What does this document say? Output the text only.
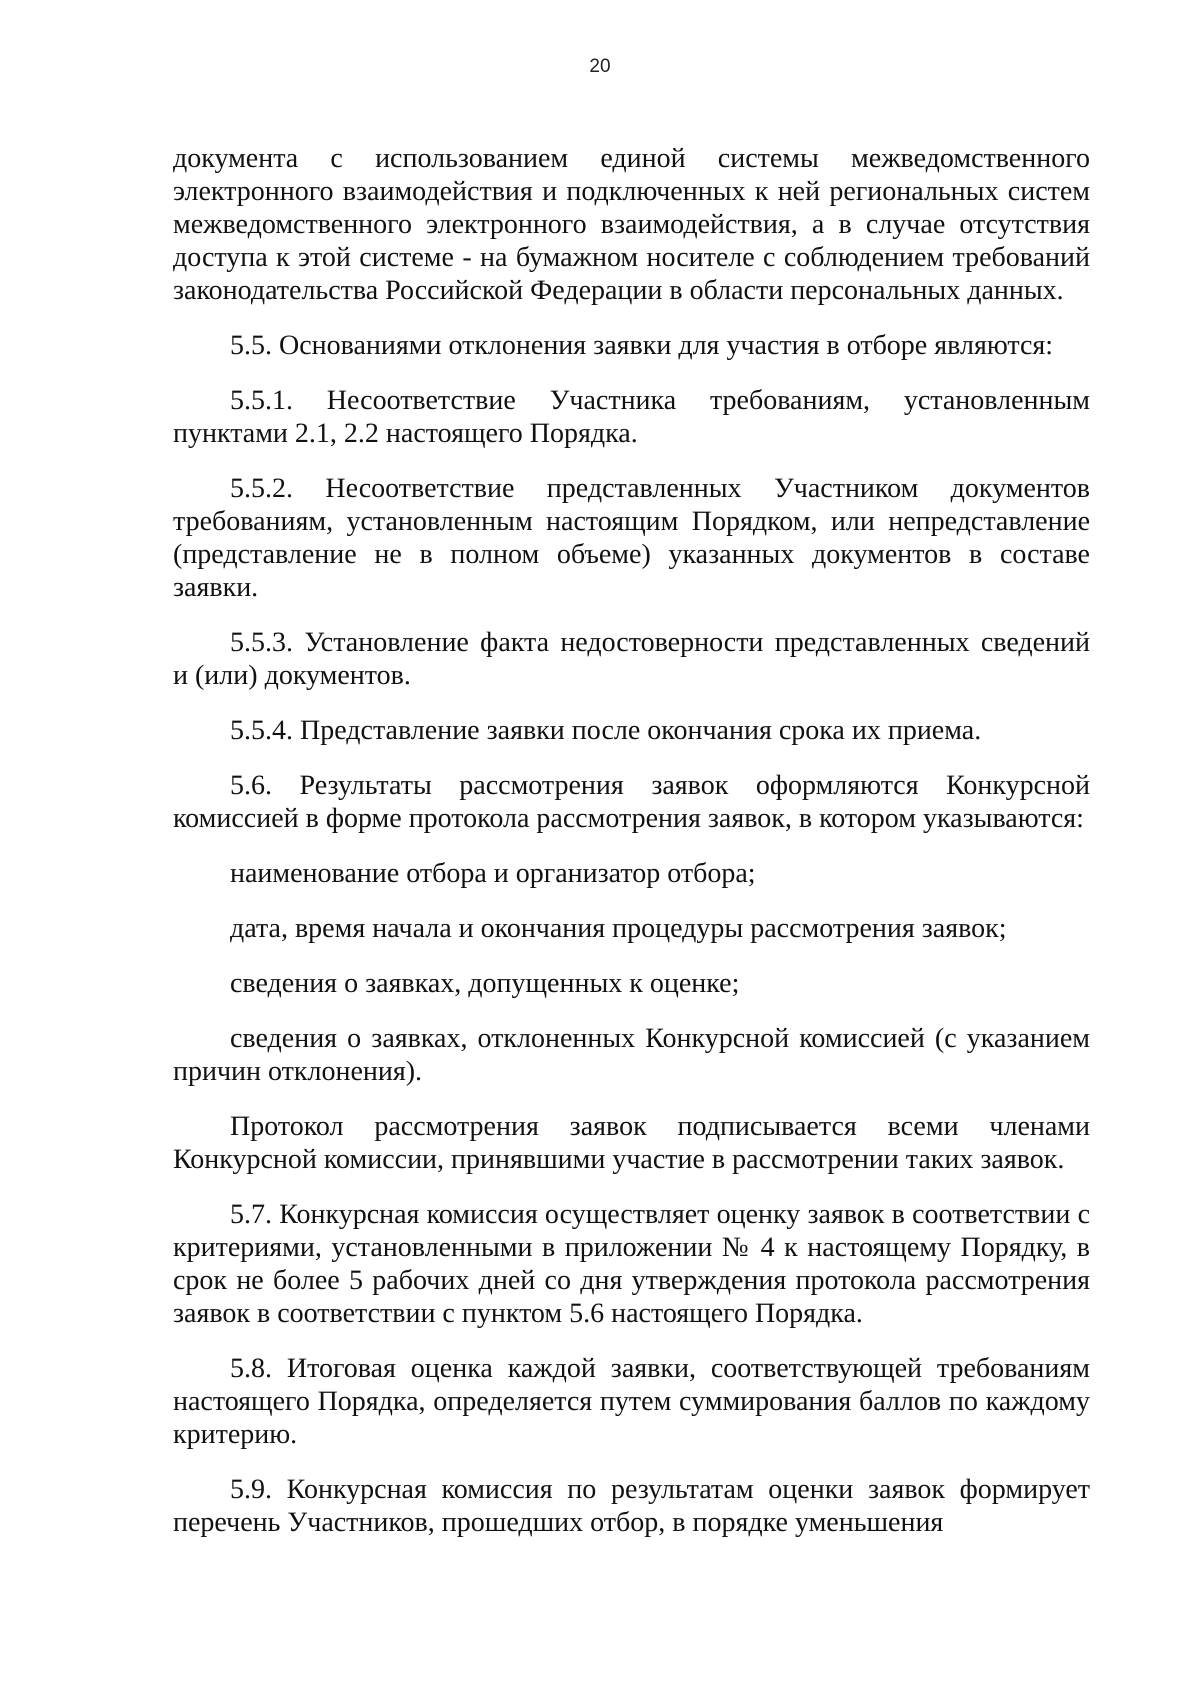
20

документа с использованием единой системы межведомственного электронного взаимодействия и подключенных к ней региональных систем межведомственного электронного взаимодействия, а в случае отсутствия доступа к этой системе - на бумажном носителе с соблюдением требований законодательства Российской Федерации в области персональных данных.

5.5. Основаниями отклонения заявки для участия в отборе являются:

5.5.1. Несоответствие Участника требованиям, установленным пунктами 2.1, 2.2 настоящего Порядка.

5.5.2. Несоответствие представленных Участником документов требованиям, установленным настоящим Порядком, или непредставление (представление не в полном объеме) указанных документов в составе заявки.

5.5.3. Установление факта недостоверности представленных сведений и (или) документов.

5.5.4. Представление заявки после окончания срока их приема.

5.6. Результаты рассмотрения заявок оформляются Конкурсной комиссией в форме протокола рассмотрения заявок, в котором указываются:

наименование отбора и организатор отбора;

дата, время начала и окончания процедуры рассмотрения заявок;

сведения о заявках, допущенных к оценке;

сведения о заявках, отклоненных Конкурсной комиссией (с указанием причин отклонения).

Протокол рассмотрения заявок подписывается всеми членами Конкурсной комиссии, принявшими участие в рассмотрении таких заявок.

5.7. Конкурсная комиссия осуществляет оценку заявок в соответствии с критериями, установленными в приложении № 4 к настоящему Порядку, в срок не более 5 рабочих дней со дня утверждения протокола рассмотрения заявок в соответствии с пунктом 5.6 настоящего Порядка.

5.8. Итоговая оценка каждой заявки, соответствующей требованиям настоящего Порядка, определяется путем суммирования баллов по каждому критерию.

5.9. Конкурсная комиссия по результатам оценки заявок формирует перечень Участников, прошедших отбор, в порядке уменьшения
